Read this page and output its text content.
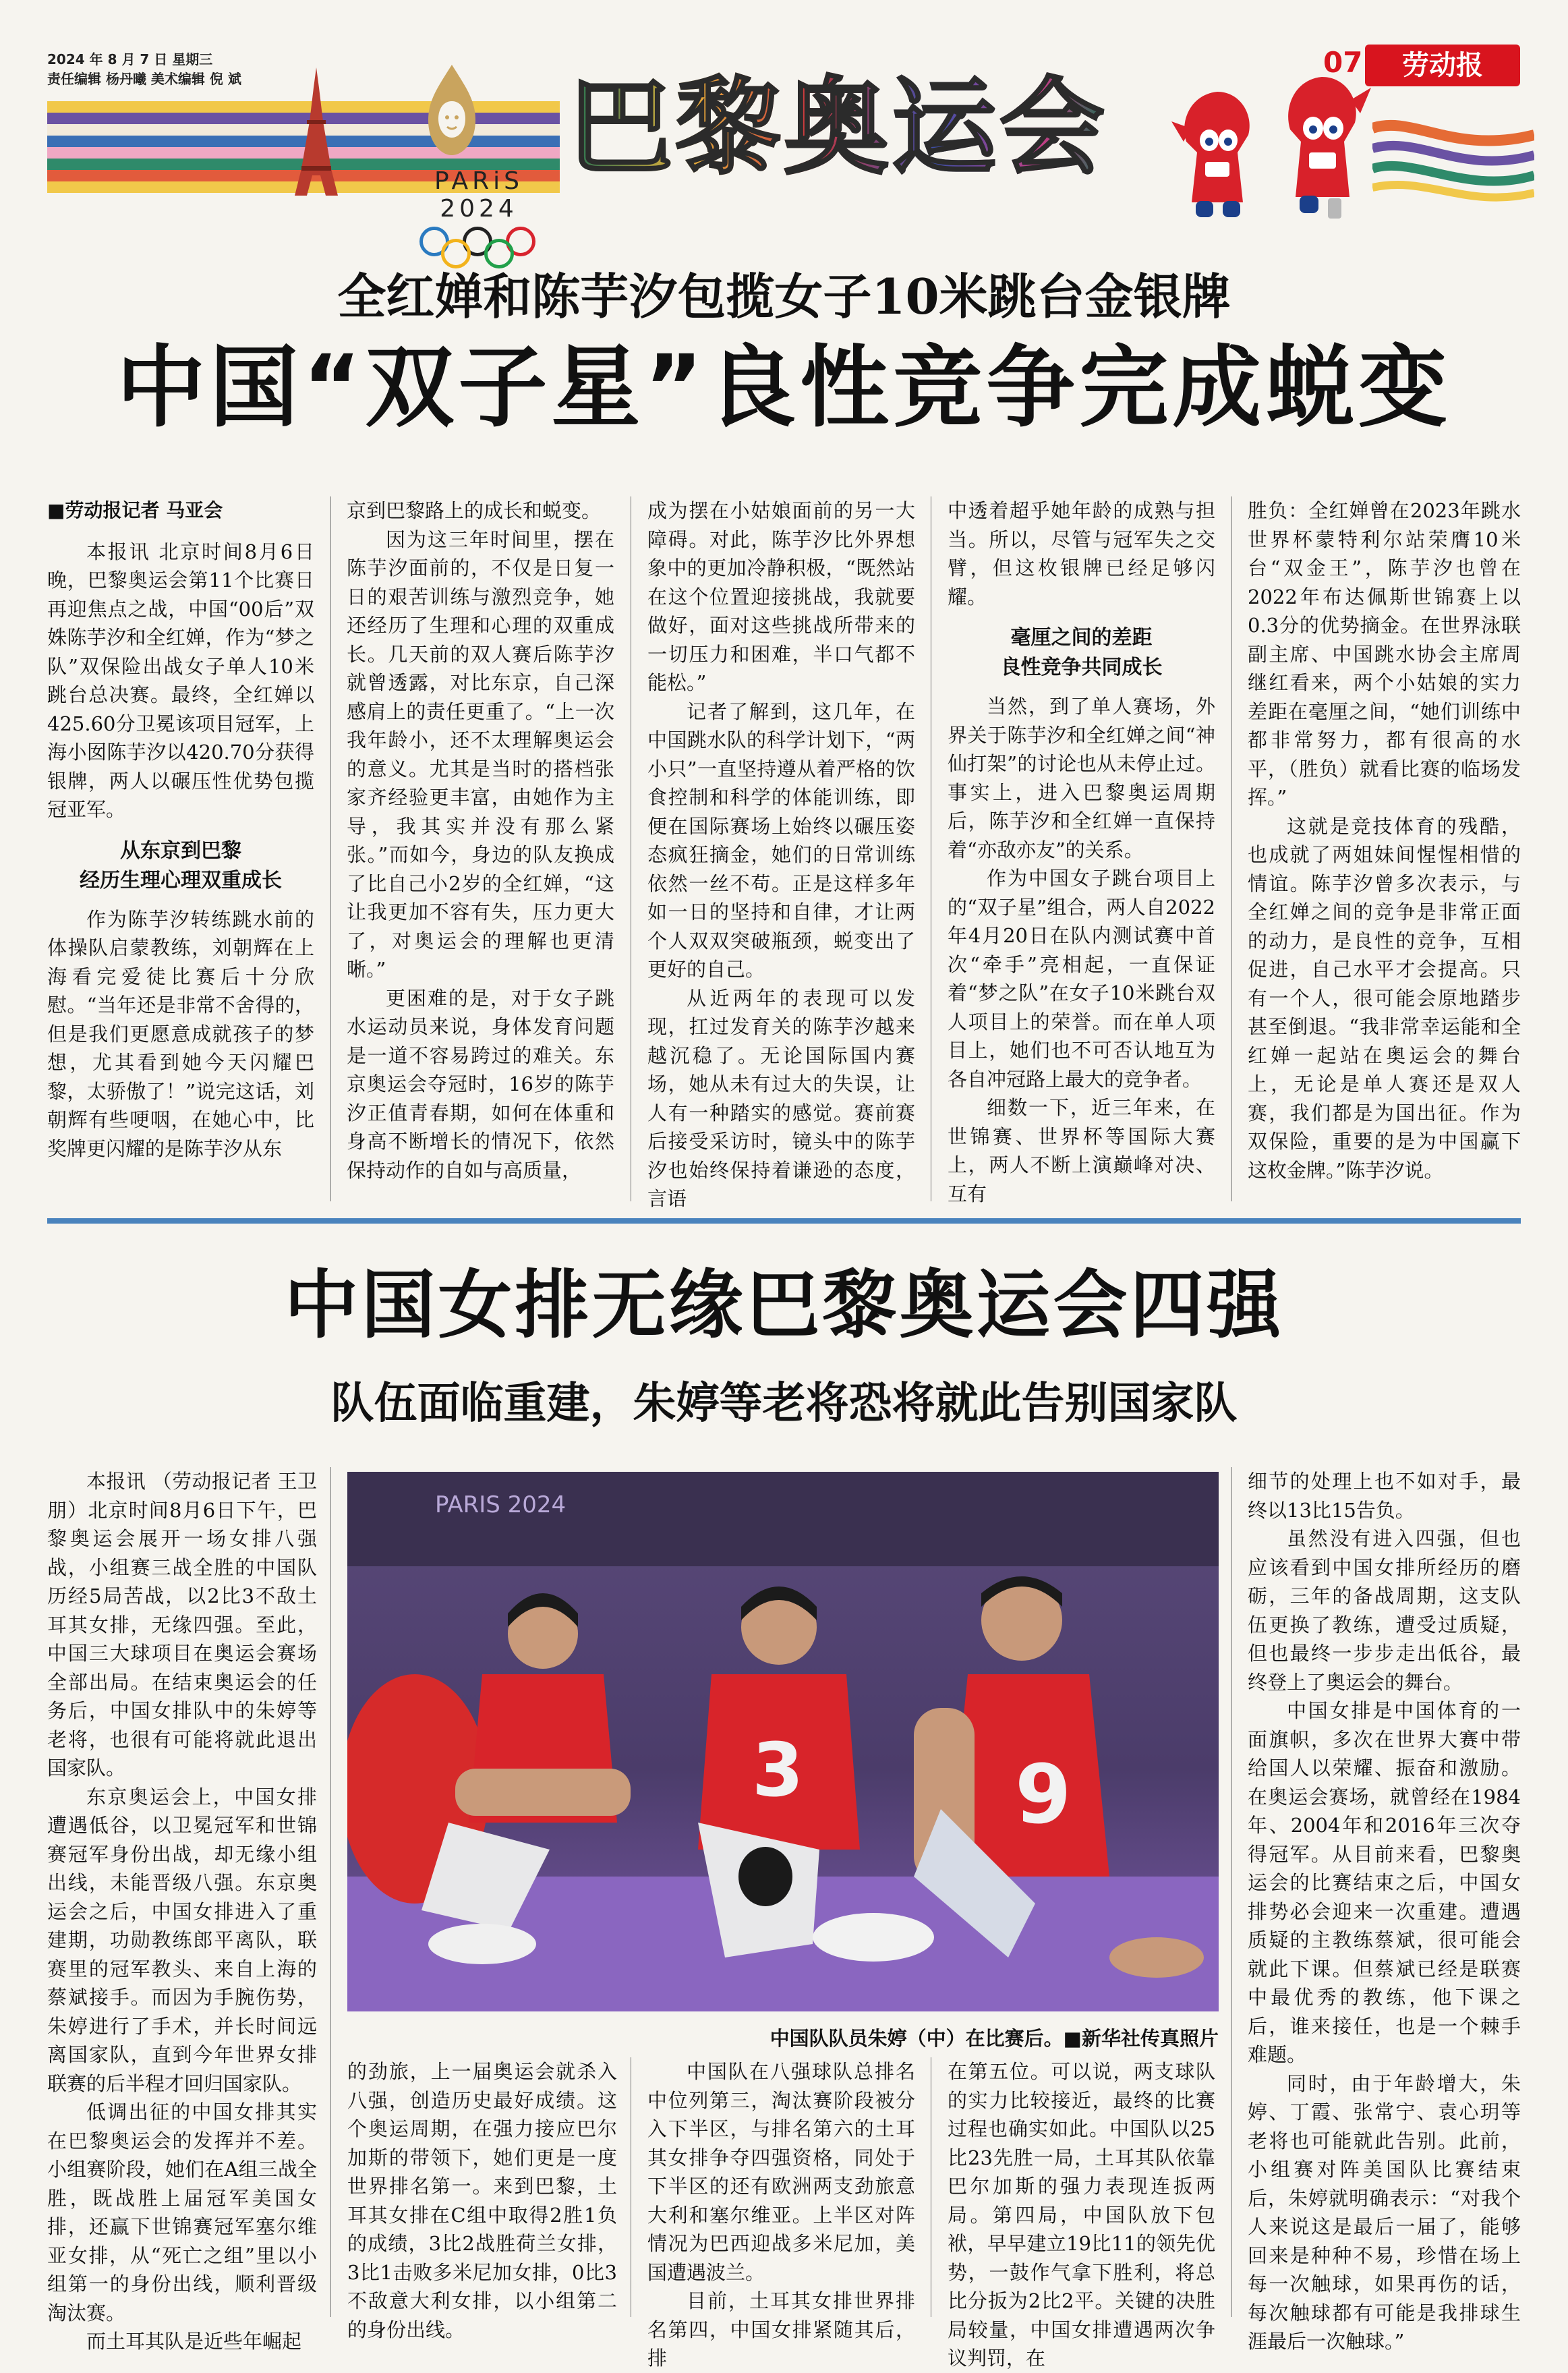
2024 年 8 月 7 日 星期三
责任编辑 杨丹曦 美术编辑 倪 斌
PARiS 2024
巴黎奥运会
07	劳动报
全红婵和陈芋汐包揽女子10米跳台金银牌
中国“双子星”良性竞争完成蜕变

■劳动报记者 马亚会

本报讯 北京时间8月6日晚，巴黎奥运会第11个比赛日再迎焦点之战，中国“00后”双姝陈芋汐和全红婵，作为“梦之队”双保险出战女子单人10米跳台总决赛。最终，全红婵以425.60分卫冕该项目冠军，上海小囡陈芋汐以420.70分获得银牌，两人以碾压性优势包揽冠亚军。

从东京到巴黎
经历生理心理双重成长

作为陈芋汐转练跳水前的体操队启蒙教练，刘朝辉在上海看完爱徒比赛后十分欣慰。“当年还是非常不舍得的，但是我们更愿意成就孩子的梦想，尤其看到她今天闪耀巴黎，太骄傲了！”说完这话，刘朝辉有些哽咽，在她心中，比奖牌更闪耀的是陈芋汐从东

京到巴黎路上的成长和蜕变。

因为这三年时间里，摆在陈芋汐面前的，不仅是日复一日的艰苦训练与激烈竞争，她还经历了生理和心理的双重成长。几天前的双人赛后陈芋汐就曾透露，对比东京，自己深感肩上的责任更重了。“上一次我年龄小，还不太理解奥运会的意义。尤其是当时的搭档张家齐经验更丰富，由她作为主导，我其实并没有那么紧张。”而如今，身边的队友换成了比自己小2岁的全红婵，“这让我更加不容有失，压力更大了，对奥运会的理解也更清晰。”

更困难的是，对于女子跳水运动员来说，身体发育问题是一道不容易跨过的难关。东京奥运会夺冠时，16岁的陈芋汐正值青春期，如何在体重和身高不断增长的情况下，依然保持动作的自如与高质量，

成为摆在小姑娘面前的另一大障碍。对此，陈芋汐比外界想象中的更加冷静积极，“既然站在这个位置迎接挑战，我就要做好，面对这些挑战所带来的一切压力和困难，半口气都不能松。”

记者了解到，这几年，在中国跳水队的科学计划下，“两小只”一直坚持遵从着严格的饮食控制和科学的体能训练，即便在国际赛场上始终以碾压姿态疯狂摘金，她们的日常训练依然一丝不苟。正是这样多年如一日的坚持和自律，才让两个人双双突破瓶颈，蜕变出了更好的自己。

从近两年的表现可以发现，扛过发育关的陈芋汐越来越沉稳了。无论国际国内赛场，她从未有过大的失误，让人有一种踏实的感觉。赛前赛后接受采访时，镜头中的陈芋汐也始终保持着谦逊的态度，言语

中透着超乎她年龄的成熟与担当。所以，尽管与冠军失之交臂，但这枚银牌已经足够闪耀。

毫厘之间的差距
良性竞争共同成长

当然，到了单人赛场，外界关于陈芋汐和全红婵之间“神仙打架”的讨论也从未停止过。事实上，进入巴黎奥运周期后，陈芋汐和全红婵一直保持着“亦敌亦友”的关系。

作为中国女子跳台项目上的“双子星”组合，两人自2022年4月20日在队内测试赛中首次“牵手”亮相起，一直保证着“梦之队”在女子10米跳台双人项目上的荣誉。而在单人项目上，她们也不可否认地互为各自冲冠路上最大的竞争者。

细数一下，近三年来，在世锦赛、世界杯等国际大赛上，两人不断上演巅峰对决、互有

胜负：全红婵曾在2023年跳水世界杯蒙特利尔站荣膺10米台“双金王”，陈芋汐也曾在2022年布达佩斯世锦赛上以0.3分的优势摘金。在世界泳联副主席、中国跳水协会主席周继红看来，两个小姑娘的实力差距在毫厘之间，“她们训练中都非常努力，都有很高的水平，（胜负）就看比赛的临场发挥。”

这就是竞技体育的残酷，也成就了两姐妹间惺惺相惜的情谊。陈芋汐曾多次表示，与全红婵之间的竞争是非常正面的动力，是良性的竞争，互相促进，自己水平才会提高。只有一个人，很可能会原地踏步甚至倒退。“我非常幸运能和全红婵一起站在奥运会的舞台上，无论是单人赛还是双人赛，我们都是为国出征。作为双保险，重要的是为中国赢下这枚金牌。”陈芋汐说。

中国女排无缘巴黎奥运会四强
队伍面临重建，朱婷等老将恐将就此告别国家队

本报讯 （劳动报记者 王卫朋）北京时间8月6日下午，巴黎奥运会展开一场女排八强战，小组赛三战全胜的中国队历经5局苦战，以2比3不敌土耳其女排，无缘四强。至此，中国三大球项目在奥运会赛场全部出局。在结束奥运会的任务后，中国女排队中的朱婷等老将，也很有可能将就此退出国家队。

东京奥运会上，中国女排遭遇低谷，以卫冕冠军和世锦赛冠军身份出战，却无缘小组出线，未能晋级八强。东京奥运会之后，中国女排进入了重建期，功勋教练郎平离队，联赛里的冠军教头、来自上海的蔡斌接手。而因为手腕伤势，朱婷进行了手术，并长时间远离国家队，直到今年世界女排联赛的后半程才回归国家队。

低调出征的中国女排其实在巴黎奥运会的发挥并不差。小组赛阶段，她们在A组三战全胜，既战胜上届冠军美国女排，还赢下世锦赛冠军塞尔维亚女排，从“死亡之组”里以小组第一的身份出线，顺利晋级淘汰赛。

而土耳其队是近些年崛起

PARIS 2024
3	9
中国队队员朱婷（中）在比赛后。■新华社传真照片

的劲旅，上一届奥运会就杀入八强，创造历史最好成绩。这个奥运周期，在强力接应巴尔加斯的带领下，她们更是一度世界排名第一。来到巴黎，土耳其女排在C组中取得2胜1负的成绩，3比2战胜荷兰女排，3比1击败多米尼加女排，0比3不敌意大利女排，以小组第二的身份出线。

中国队在八强球队总排名中位列第三，淘汰赛阶段被分入下半区，与排名第六的土耳其女排争夺四强资格，同处于下半区的还有欧洲两支劲旅意大利和塞尔维亚。上半区对阵情况为巴西迎战多米尼加，美国遭遇波兰。

目前，土耳其女排世界排名第四，中国女排紧随其后，排

在第五位。可以说，两支球队的实力比较接近，最终的比赛过程也确实如此。中国队以25比23先胜一局，土耳其队依靠巴尔加斯的强力表现连扳两局。第四局，中国队放下包袱，早早建立19比11的领先优势，一鼓作气拿下胜利，将总比分扳为2比2平。关键的决胜局较量，中国女排遭遇两次争议判罚，在

细节的处理上也不如对手，最终以13比15告负。

虽然没有进入四强，但也应该看到中国女排所经历的磨砺，三年的备战周期，这支队伍更换了教练，遭受过质疑，但也最终一步步走出低谷，最终登上了奥运会的舞台。

中国女排是中国体育的一面旗帜，多次在世界大赛中带给国人以荣耀、振奋和激励。在奥运会赛场，就曾经在1984年、2004年和2016年三次夺得冠军。从目前来看，巴黎奥运会的比赛结束之后，中国女排势必会迎来一次重建。遭遇质疑的主教练蔡斌，很可能会就此下课。但蔡斌已经是联赛中最优秀的教练，他下课之后，谁来接任，也是一个棘手难题。

同时，由于年龄增大，朱婷、丁霞、张常宁、袁心玥等老将也可能就此告别。此前，小组赛对阵美国队比赛结束后，朱婷就明确表示：“对我个人来说这是最后一届了，能够回来是种种不易，珍惜在场上每一次触球，如果再伤的话，每次触球都有可能是我排球生涯最后一次触球。”
